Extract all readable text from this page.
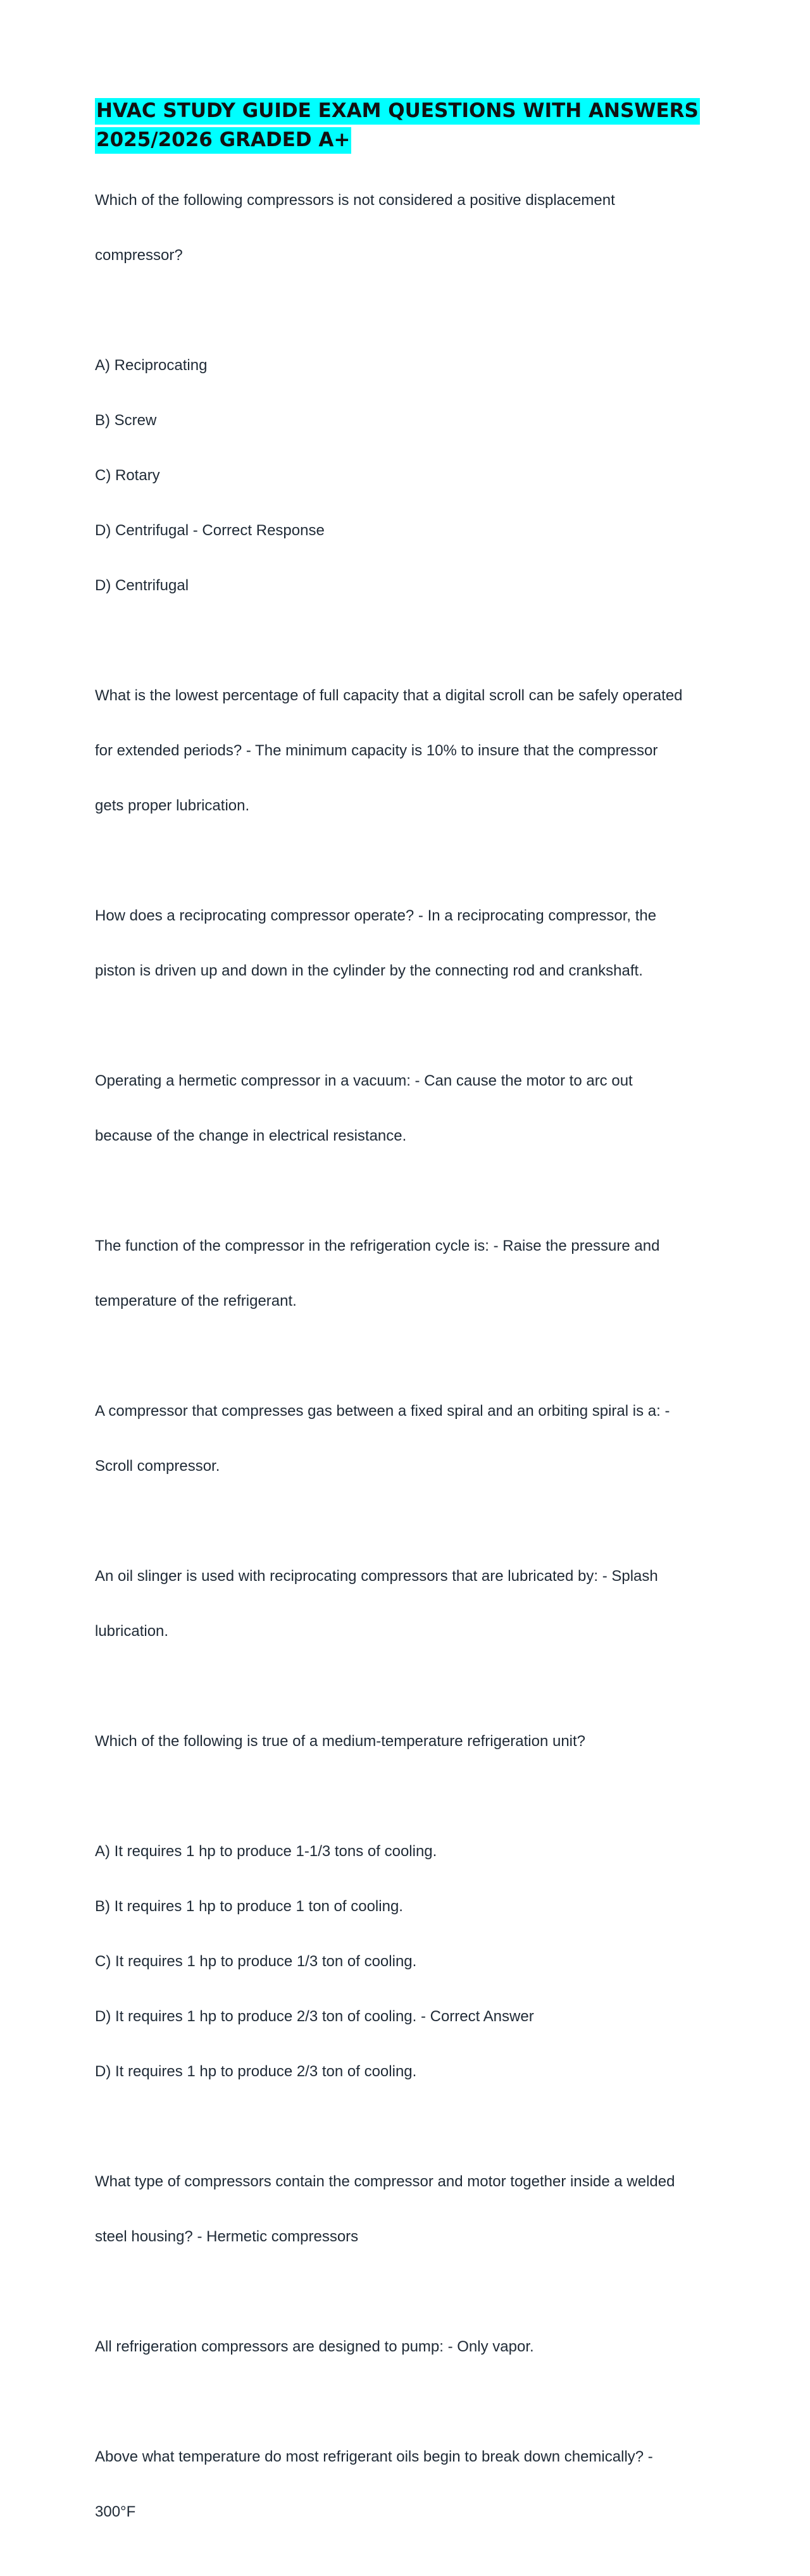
HVAC STUDY GUIDE EXAM QUESTIONS WITH ANSWERS
2025/2026 GRADED A+

Which of the following compressors is not considered a positive displacement

compressor?

A) Reciprocating

B) Screw

C) Rotary

D) Centrifugal - Correct Response

D) Centrifugal

What is the lowest percentage of full capacity that a digital scroll can be safely operated

for extended periods? - The minimum capacity is 10% to insure that the compressor

gets proper lubrication.

How does a reciprocating compressor operate? - In a reciprocating compressor, the

piston is driven up and down in the cylinder by the connecting rod and crankshaft.

Operating a hermetic compressor in a vacuum: - Can cause the motor to arc out

because of the change in electrical resistance.

The function of the compressor in the refrigeration cycle is: - Raise the pressure and

temperature of the refrigerant.

A compressor that compresses gas between a fixed spiral and an orbiting spiral is a: -

Scroll compressor.

An oil slinger is used with reciprocating compressors that are lubricated by: - Splash

lubrication.

Which of the following is true of a medium-temperature refrigeration unit?

A) It requires 1 hp to produce 1-1/3 tons of cooling.

B) It requires 1 hp to produce 1 ton of cooling.

C) It requires 1 hp to produce 1/3 ton of cooling.

D) It requires 1 hp to produce 2/3 ton of cooling. - Correct Answer

D) It requires 1 hp to produce 2/3 ton of cooling.

What type of compressors contain the compressor and motor together inside a welded

steel housing? - Hermetic compressors

All refrigeration compressors are designed to pump: - Only vapor.

Above what temperature do most refrigerant oils begin to break down chemically? -

300°F
